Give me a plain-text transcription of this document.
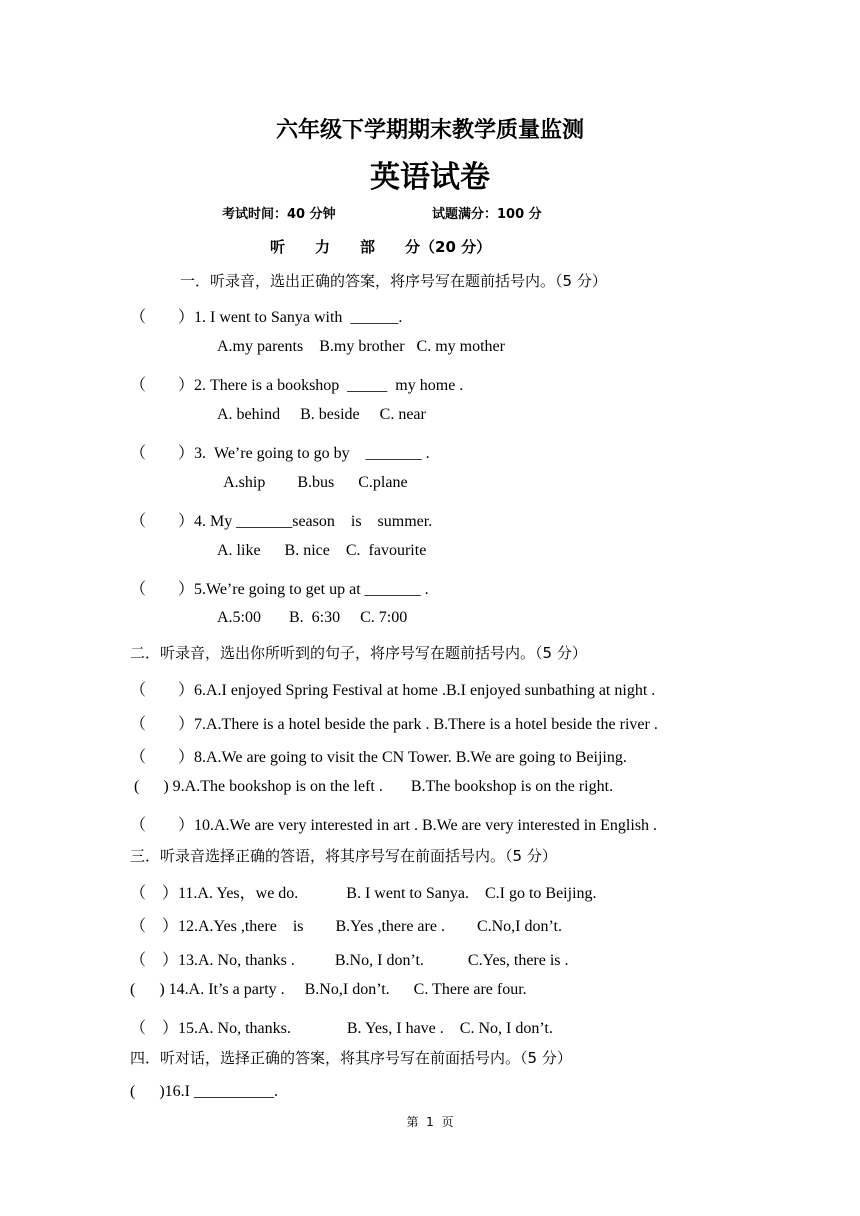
六年级下学期期末教学质量监测
英语试卷
考试时间：40 分钟	试题满分：100 分
听　　力　　部　　分（20 分）
一．听录音，选出正确的答案，将序号写在题前括号内。（5 分）
（　　）1. I went to Sanya with  ______.
A.my parents    B.my brother   C. my mother
（　　）2. There is a bookshop  _____  my home .
A. behind     B. beside     C. near
（　　）3.  We’re going to go by    _______ .
A.ship        B.bus      C.plane
（　　）4. My _______season    is    summer.
A. like      B. nice    C.  favourite
（　　）5.We’re going to get up at _______ .
A.5:00       B.  6:30     C. 7:00
二．听录音，选出你所听到的句子，将序号写在题前括号内。（5 分）
（　　）6.A.I enjoyed Spring Festival at home .B.I enjoyed sunbathing at night .
（　　）7.A.There is a hotel beside the park . B.There is a hotel beside the river .
（　　）8.A.We are going to visit the CN Tower. B.We are going to Beijing.
(      ) 9.A.The bookshop is on the left .       B.The bookshop is on the right.
（　　）10.A.We are very interested in art . B.We are very interested in English .
三．听录音选择正确的答语，将其序号写在前面括号内。（5 分）
（　）11.A. Yes，we do.            B. I went to Sanya.    C.I go to Beijing.
（　）12.A.Yes ,there    is        B.Yes ,there are .        C.No,I don’t.
（　）13.A. No, thanks .          B.No, I don’t.           C.Yes, there is .
(      ) 14.A. It’s a party .     B.No,I don’t.      C. There are four.
（　）15.A. No, thanks.              B. Yes, I have .    C. No, I don’t.
四．听对话，选择正确的答案，将其序号写在前面括号内。（5 分）
(      )16.I __________.
第  1  页
